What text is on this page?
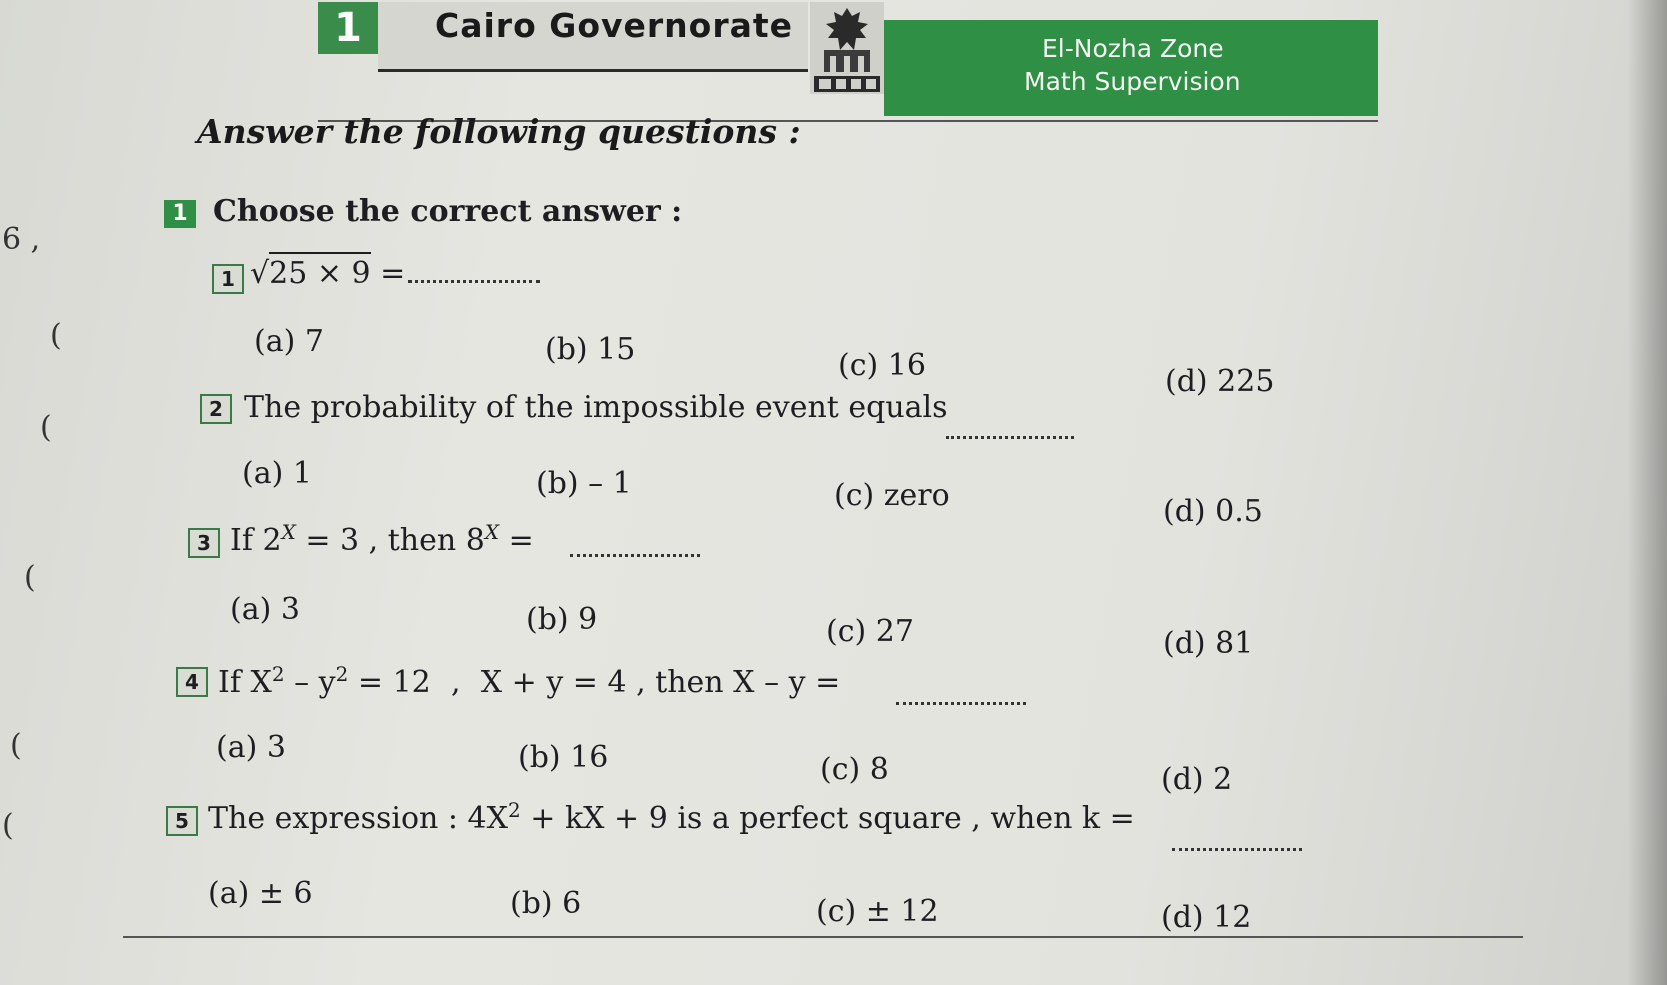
1	Cairo Governorate
El-Nozha Zone
Math Supervision
6 ,
(
(
(
(
(
Answer the following questions :
1 Choose the correct answer :
1 √25 × 9 =
(a) 7	(b) 15	(c) 16	(d) 225
2 The probability of the impossible event equals
(a) 1	(b) – 1	(c) zero	(d) 0.5
3 If $2^X = 3$ , then $8^X$ =
(a) 3	(b) 9	(c) 27	(d) 81
4 If $X^2 - y^2 = 12$ , X + y = 4 , then X – y =
(a) 3	(b) 16	(c) 8	(d) 2
5 The expression : $4X^2$ + kX + 9 is a perfect square , when k =
(a) ± 6	(b) 6	(c) ± 12	(d) 12
